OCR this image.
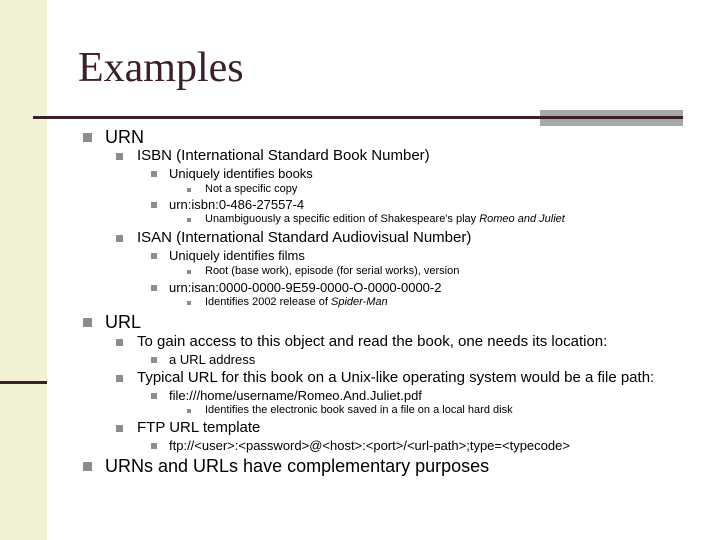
Examples
URN
ISBN (International Standard Book Number)
Uniquely identifies books
Not a specific copy
urn:isbn:0-486-27557-4
Unambiguously a specific edition of Shakespeare's play Romeo and Juliet
ISAN (International Standard Audiovisual Number)
Uniquely identifies films
Root (base work), episode (for serial works), version
urn:isan:0000-0000-9E59-0000-O-0000-0000-2
Identifies 2002 release of Spider-Man
URL
To gain access to this object and read the book, one needs its location:
a URL address
Typical URL for this book on a Unix-like operating system would be a file path:
file:///home/username/Romeo.And.Juliet.pdf
Identifies the electronic book saved in a file on a local hard disk
FTP URL template
ftp://<user>:<password>@<host>:<port>/<url-path>;type=<typecode>
URNs and URLs have complementary purposes
